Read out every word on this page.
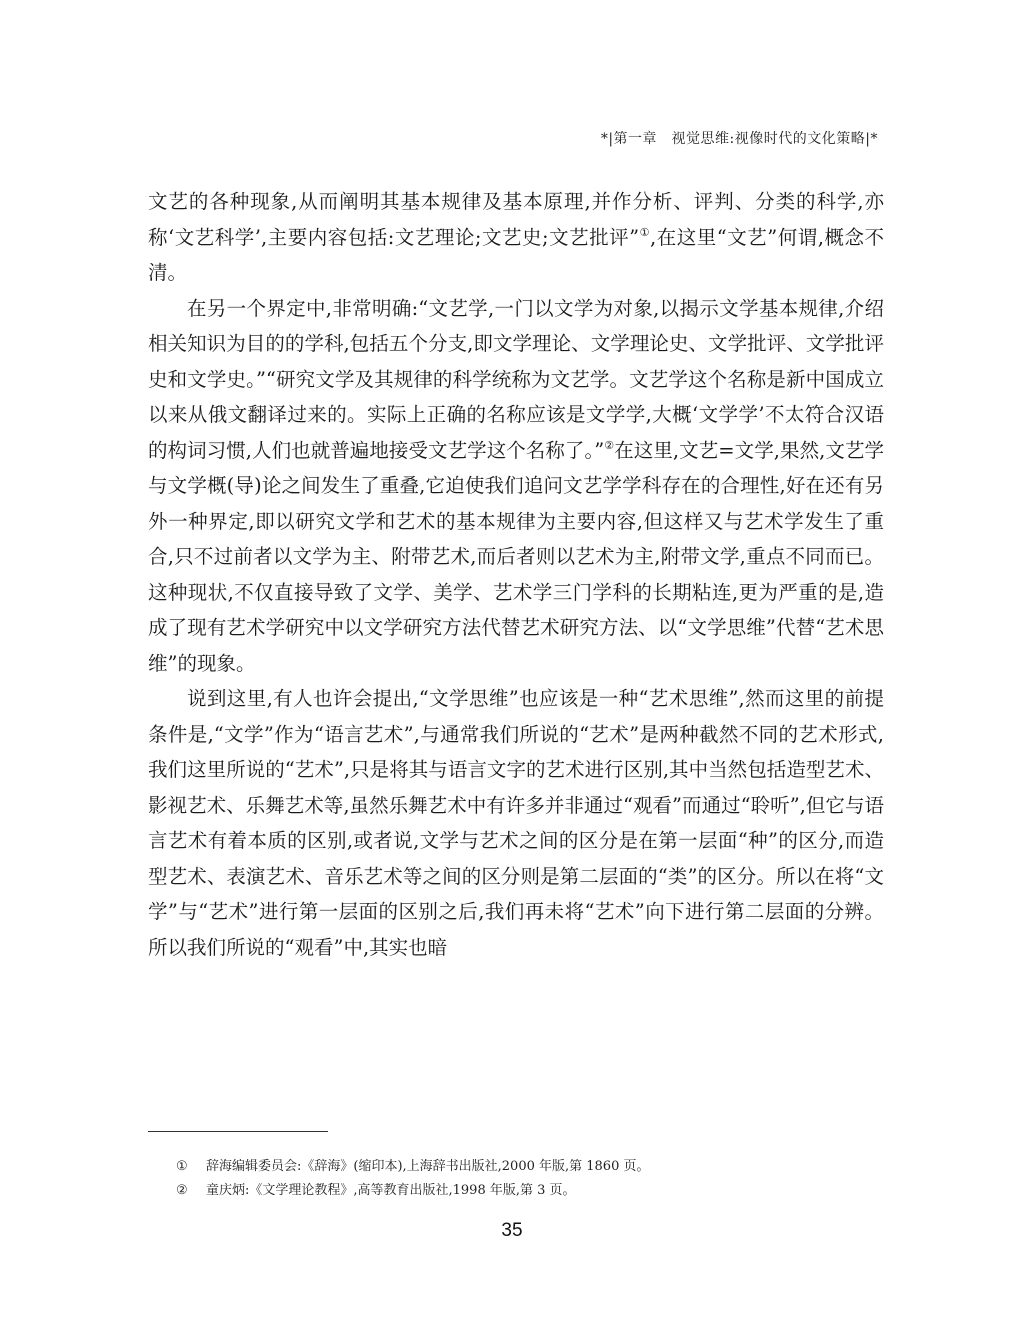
*|第一章　视觉思维:视像时代的文化策略|*

文艺的各种现象,从而阐明其基本规律及基本原理,并作分析、评判、分类的科学,亦称‘文艺科学’,主要内容包括:文艺理论;文艺史;文艺批评”①,在这里“文艺”何谓,概念不清。

在另一个界定中,非常明确:“文艺学,一门以文学为对象,以揭示文学基本规律,介绍相关知识为目的的学科,包括五个分支,即文学理论、文学理论史、文学批评、文学批评史和文学史。”“研究文学及其规律的科学统称为文艺学。文艺学这个名称是新中国成立以来从俄文翻译过来的。实际上正确的名称应该是文学学,大概‘文学学’不太符合汉语的构词习惯,人们也就普遍地接受文艺学这个名称了。”②在这里,文艺=文学,果然,文艺学与文学概(导)论之间发生了重叠,它迫使我们追问文艺学学科存在的合理性,好在还有另外一种界定,即以研究文学和艺术的基本规律为主要内容,但这样又与艺术学发生了重合,只不过前者以文学为主、附带艺术,而后者则以艺术为主,附带文学,重点不同而已。这种现状,不仅直接导致了文学、美学、艺术学三门学科的长期粘连,更为严重的是,造成了现有艺术学研究中以文学研究方法代替艺术研究方法、以“文学思维”代替“艺术思维”的现象。

说到这里,有人也许会提出,“文学思维”也应该是一种“艺术思维”,然而这里的前提条件是,“文学”作为“语言艺术”,与通常我们所说的“艺术”是两种截然不同的艺术形式,我们这里所说的“艺术”,只是将其与语言文字的艺术进行区别,其中当然包括造型艺术、影视艺术、乐舞艺术等,虽然乐舞艺术中有许多并非通过“观看”而通过“聆听”,但它与语言艺术有着本质的区别,或者说,文学与艺术之间的区分是在第一层面“种”的区分,而造型艺术、表演艺术、音乐艺术等之间的区分则是第二层面的“类”的区分。所以在将“文学”与“艺术”进行第一层面的区别之后,我们再未将“艺术”向下进行第二层面的分辨。所以我们所说的“观看”中,其实也暗

① 辞海编辑委员会:《辞海》(缩印本),上海辞书出版社,2000 年版,第 1860 页。
② 童庆炳:《文学理论教程》,高等教育出版社,1998 年版,第 3 页。
35
